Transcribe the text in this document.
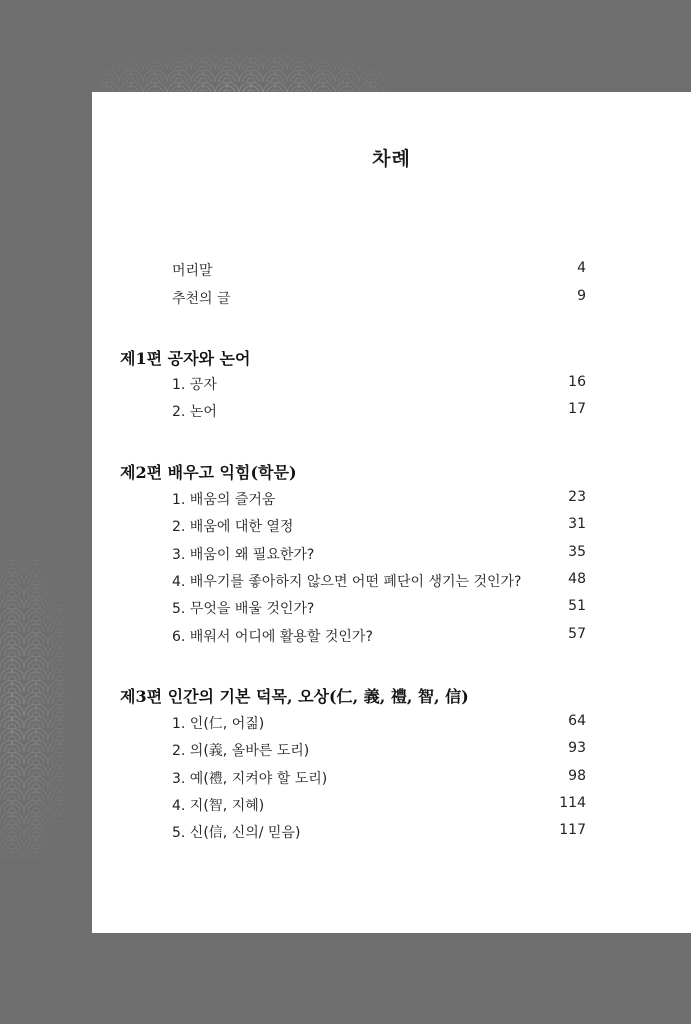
차례
머리말	4
추천의 글	9
제1편 공자와 논어
1. 공자	16
2. 논어	17
제2편 배우고 익힘(학문)
1. 배움의 즐거움	23
2. 배움에 대한 열정	31
3. 배움이 왜 필요한가?	35
4. 배우기를 좋아하지 않으면 어떤 폐단이 생기는 것인가?	48
5. 무엇을 배울 것인가?	51
6. 배워서 어디에 활용할 것인가?	57
제3편 인간의 기본 덕목, 오상(仁, 義, 禮, 智, 信)
1. 인(仁, 어짊)	64
2. 의(義, 올바른 도리)	93
3. 예(禮, 지켜야 할 도리)	98
4. 지(智, 지혜)	114
5. 신(信, 신의/ 믿음)	117
